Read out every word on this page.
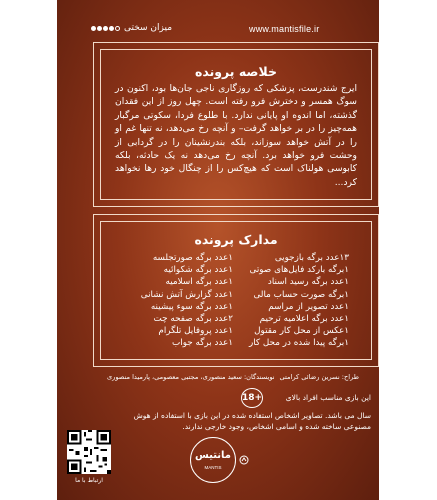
میزان سختی	www.mantisfile.ir
خلاصه پرونده
ایرج شندرست، پزشکی که روزگاری ناجی جان‌ها بود، اکنون در سوگ همسر و دخترش فرو رفته است. چهل روز از این فقدان گذشته، اما اندوه او پایانی ندارد. با طلوع فردا، سکوتی مرگبار همه‌چیز را در بر خواهد گرفت– و آنچه رخ می‌دهد، نه تنها غم او را در آتش خواهد سوزاند، بلکه بندرنشینان را در گردابی از وحشت فرو خواهد برد. آنچه رخ می‌دهد نه یک حادثه، بلکه کابوسی هولناک است که هیچ‌کس را از چنگال خود رها نخواهد کرد...
مدارک پرونده
۱۳عدد برگه بازجویی
۱برگه بارکد فایل‌های صوتی
۱عدد برگه رسید اسناد
۱برگه صورت حساب مالی
۱عدد تصویر از مراسم
۱عدد برگه اعلامیه ترحیم
۱عکس از محل کار مقتول
۱برگه پیدا شده در محل کار
۱عدد برگه صورتجلسه
۱عدد برگه شکوائیه
۱عدد برگه اسلامیه
۱عدد گزارش آتش نشانی
۱عدد برگه سوء پیشینه
۲عدد برگه صفحه چت
۱عدد پروفایل تلگرام
۱عدد برگه جواب
طراح: نسرین رضائی کرامتی
نویسندگان: سعید منصوری، مجتبی معصومی، پارمیدا منصوری
این بازی مناسب افراد بالای
18+
سال می باشد. تصاویر اشخاص استفاده شده در این بازی با استفاده از هوش مصنوعی ساخته شده و اسامی اشخاص، وجود خارجی ندارند.
ارتباط با ما
مانتیس
MANTIS
